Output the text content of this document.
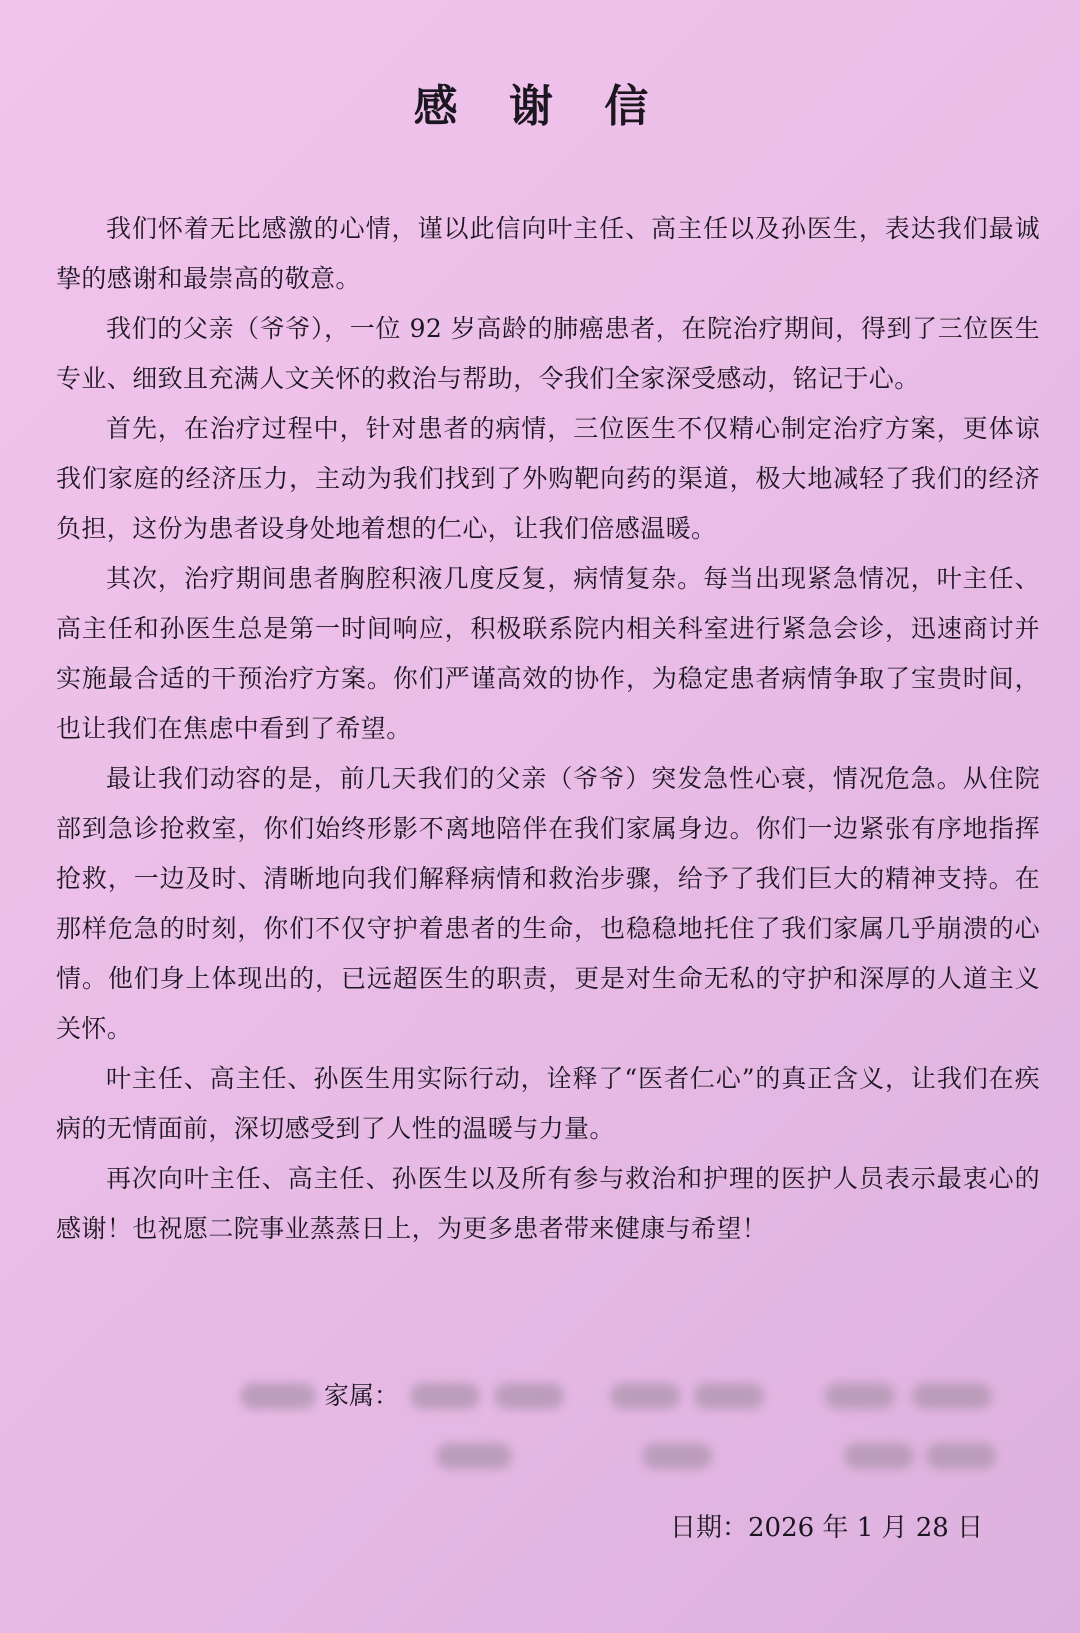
感 谢 信

我们怀着无比感激的心情，谨以此信向叶主任、高主任以及孙医生，表达我们最诚挚的感谢和最崇高的敬意。

我们的父亲（爷爷），一位 92 岁高龄的肺癌患者，在院治疗期间，得到了三位医生专业、细致且充满人文关怀的救治与帮助，令我们全家深受感动，铭记于心。

首先，在治疗过程中，针对患者的病情，三位医生不仅精心制定治疗方案，更体谅我们家庭的经济压力，主动为我们找到了外购靶向药的渠道，极大地减轻了我们的经济负担，这份为患者设身处地着想的仁心，让我们倍感温暖。

其次，治疗期间患者胸腔积液几度反复，病情复杂。每当出现紧急情况，叶主任、高主任和孙医生总是第一时间响应，积极联系院内相关科室进行紧急会诊，迅速商讨并实施最合适的干预治疗方案。你们严谨高效的协作，为稳定患者病情争取了宝贵时间，也让我们在焦虑中看到了希望。

最让我们动容的是，前几天我们的父亲（爷爷）突发急性心衰，情况危急。从住院部到急诊抢救室，你们始终形影不离地陪伴在我们家属身边。你们一边紧张有序地指挥抢救，一边及时、清晰地向我们解释病情和救治步骤，给予了我们巨大的精神支持。在那样危急的时刻，你们不仅守护着患者的生命，也稳稳地托住了我们家属几乎崩溃的心情。他们身上体现出的，已远超医生的职责，更是对生命无私的守护和深厚的人道主义关怀。

叶主任、高主任、孙医生用实际行动，诠释了“医者仁心”的真正含义，让我们在疾病的无情面前，深切感受到了人性的温暖与力量。

再次向叶主任、高主任、孙医生以及所有参与救治和护理的医护人员表示最衷心的感谢！也祝愿二院事业蒸蒸日上，为更多患者带来健康与希望！

家属：
日期：2026 年 1 月 28 日
